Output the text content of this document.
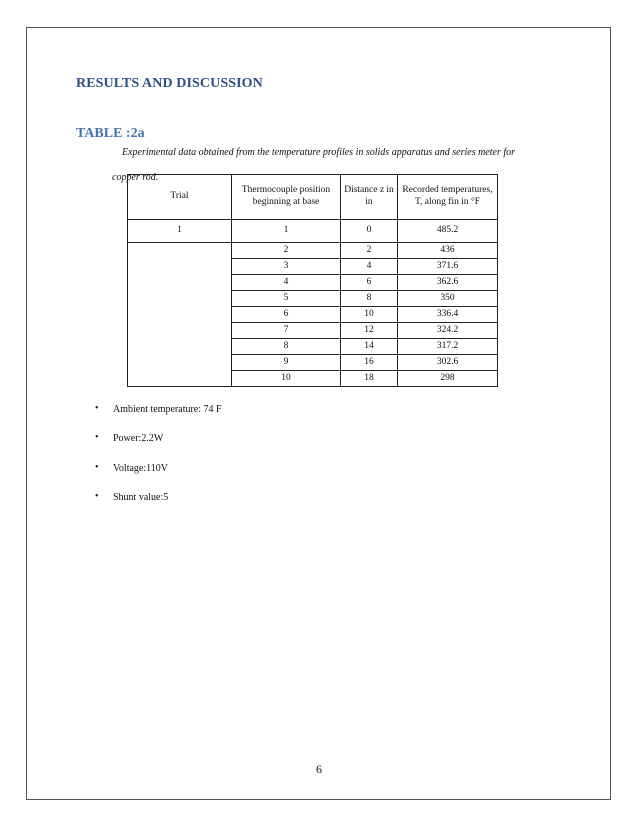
RESULTS AND DISCUSSION
TABLE :2a
Experimental data obtained from the temperature profiles in solids apparatus and series meter for
copper rod.
Trial	Thermocouple position beginning at base	Distance z in in	Recorded temperatures, T, along fin in °F
1	1	0	485.2
	2	2	436
	3	4	371.6
	4	6	362.6
	5	8	350
	6	10	336.4
	7	12	324.2
	8	14	317.2
	9	16	302.6
	10	18	298
• Ambient temperature: 74 F
• Power:2.2W
• Voltage:110V
• Shunt value:5
6
